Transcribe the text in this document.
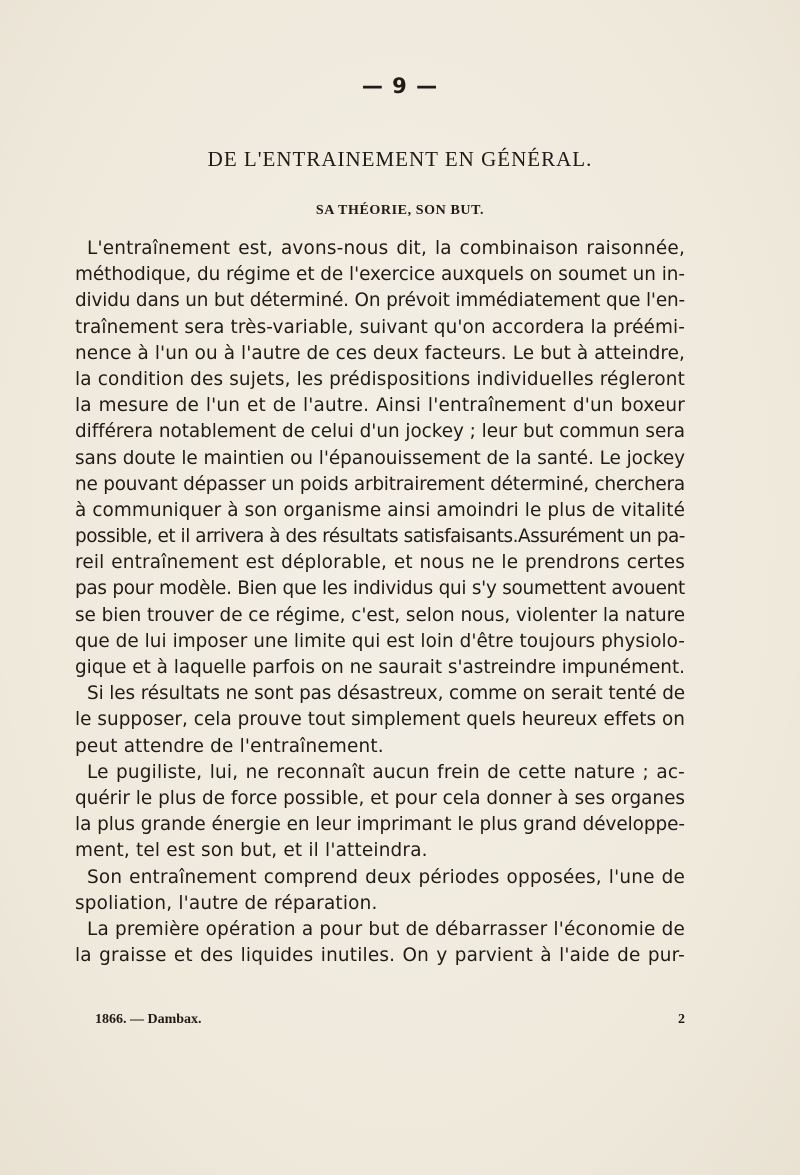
— 9 —
DE L'ENTRAINEMENT EN GÉNÉRAL.
SA THÉORIE, SON BUT.
L'entraînement est, avons-nous dit, la combinaison raisonnée,
méthodique, du régime et de l'exercice auxquels on soumet un in-
dividu dans un but déterminé. On prévoit immédiatement que l'en-
traînement sera très-variable, suivant qu'on accordera la préémi-
nence à l'un ou à l'autre de ces deux facteurs. Le but à atteindre,
la condition des sujets, les prédispositions individuelles régleront
la mesure de l'un et de l'autre. Ainsi l'entraînement d'un boxeur
différera notablement de celui d'un jockey ; leur but commun sera
sans doute le maintien ou l'épanouissement de la santé. Le jockey
ne pouvant dépasser un poids arbitrairement déterminé, cherchera
à communiquer à son organisme ainsi amoindri le plus de vitalité
possible, et il arrivera à des résultats satisfaisants.Assurément un pa-
reil entraînement est déplorable, et nous ne le prendrons certes
pas pour modèle. Bien que les individus qui s'y soumettent avouent
se bien trouver de ce régime, c'est, selon nous, violenter la nature
que de lui imposer une limite qui est loin d'être toujours physiolo-
gique et à laquelle parfois on ne saurait s'astreindre impunément.
Si les résultats ne sont pas désastreux, comme on serait tenté de
le supposer, cela prouve tout simplement quels heureux effets on
peut attendre de l'entraînement.
Le pugiliste, lui, ne reconnaît aucun frein de cette nature ; ac-
quérir le plus de force possible, et pour cela donner à ses organes
la plus grande énergie en leur imprimant le plus grand développe-
ment, tel est son but, et il l'atteindra.
Son entraînement comprend deux périodes opposées, l'une de
spoliation, l'autre de réparation.
La première opération a pour but de débarrasser l'économie de
la graisse et des liquides inutiles. On y parvient à l'aide de pur-
1866. — Dambax.	2
